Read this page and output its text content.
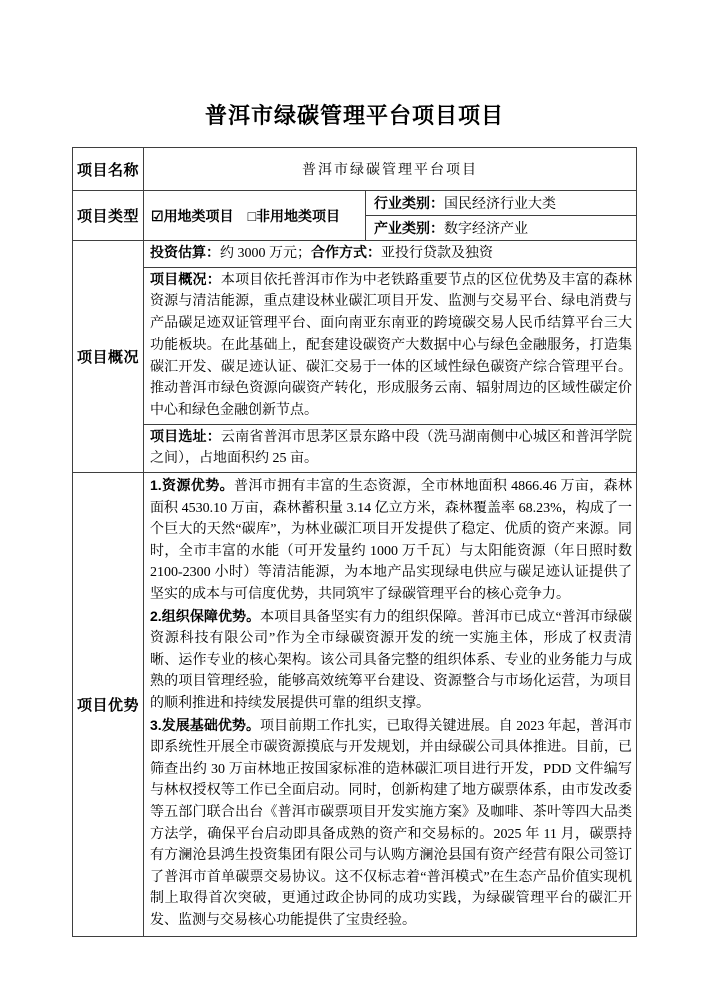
普洱市绿碳管理平台项目项目
项目名称	普洱市绿碳管理平台项目
项目类型	☑用地类项目 □非用地类项目
行业类别： 国民经济行业大类
产业类别： 数字经济产业

项目概况	投资估算：约 3000 万元；合作方式：亚投行贷款及独资
项目概况：本项目依托普洱市作为中老铁路重要节点的区位优势及丰富的森林资源与清洁能源，重点建设林业碳汇项目开发、监测与交易平台、绿电消费与产品碳足迹双证管理平台、面向南亚东南亚的跨境碳交易人民币结算平台三大功能板块。在此基础上，配套建设碳资产大数据中心与绿色金融服务，打造集碳汇开发、碳足迹认证、碳汇交易于一体的区域性绿色碳资产综合管理平台。推动普洱市绿色资源向碳资产转化，形成服务云南、辐射周边的区域性碳定价中心和绿色金融创新节点。
项目选址：云南省普洱市思茅区景东路中段（洗马湖南侧中心城区和普洱学院之间），占地面积约 25 亩。

项目优势	1.资源优势。普洱市拥有丰富的生态资源，全市林地面积 4866.46 万亩，森林面积 4530.10 万亩，森林蓄积量 3.14 亿立方米，森林覆盖率 68.23%，构成了一个巨大的天然“碳库”，为林业碳汇项目开发提供了稳定、优质的资产来源。同时，全市丰富的水能（可开发量约 1000 万千瓦）与太阳能资源（年日照时数 2100-2300 小时）等清洁能源，为本地产品实现绿电供应与碳足迹认证提供了坚实的成本与可信度优势，共同筑牢了绿碳管理平台的核心竞争力。

2.组织保障优势。本项目具备坚实有力的组织保障。普洱市已成立“普洱市绿碳资源科技有限公司”作为全市绿碳资源开发的统一实施主体，形成了权责清晰、运作专业的核心架构。该公司具备完整的组织体系、专业的业务能力与成熟的项目管理经验，能够高效统筹平台建设、资源整合与市场化运营，为项目的顺利推进和持续发展提供可靠的组织支撑。

3.发展基础优势。项目前期工作扎实，已取得关键进展。自 2023 年起，普洱市即系统性开展全市碳资源摸底与开发规划，并由绿碳公司具体推进。目前，已筛查出约 30 万亩林地正按国家标准的造林碳汇项目进行开发，PDD 文件编写与林权授权等工作已全面启动。同时，创新构建了地方碳票体系，由市发改委等五部门联合出台《普洱市碳票项目开发实施方案》及咖啡、茶叶等四大品类方法学，确保平台启动即具备成熟的资产和交易标的。2025 年 11 月，碳票持有方澜沧县鸿生投资集团有限公司与认购方澜沧县国有资产经营有限公司签订了普洱市首单碳票交易协议。这不仅标志着“普洱模式”在生态产品价值实现机制上取得首次突破，更通过政企协同的成功实践，为绿碳管理平台的碳汇开发、监测与交易核心功能提供了宝贵经验。
